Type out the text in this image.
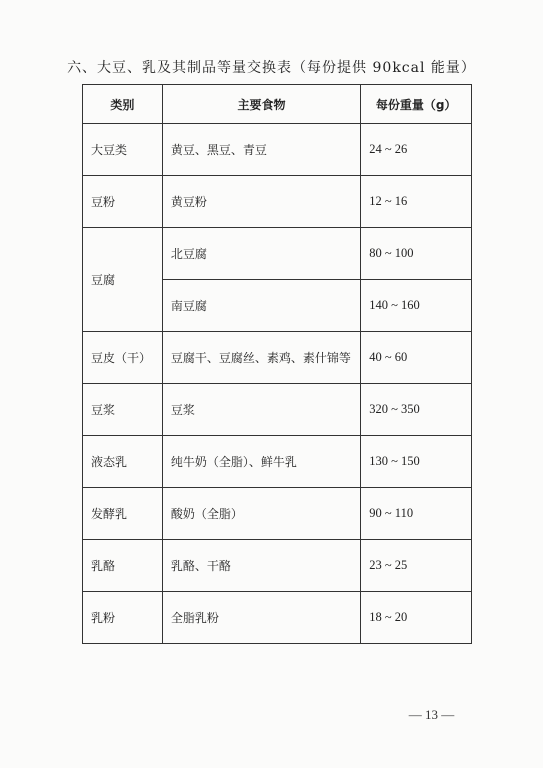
六、大豆、乳及其制品等量交换表（每份提供 90kcal 能量）
类别	主要食物	每份重量（g）
大豆类	黄豆、黑豆、青豆	24 ~ 26
豆粉	黄豆粉	12 ~ 16
豆腐	北豆腐	80 ~ 100
	南豆腐	140 ~ 160
豆皮（干）	豆腐干、豆腐丝、素鸡、素什锦等	40 ~ 60
豆浆	豆浆	320 ~ 350
液态乳	纯牛奶（全脂）、鲜牛乳	130 ~ 150
发酵乳	酸奶（全脂）	90 ~ 110
乳酪	乳酪、干酪	23 ~ 25
乳粉	全脂乳粉	18 ~ 20
— 13 —
